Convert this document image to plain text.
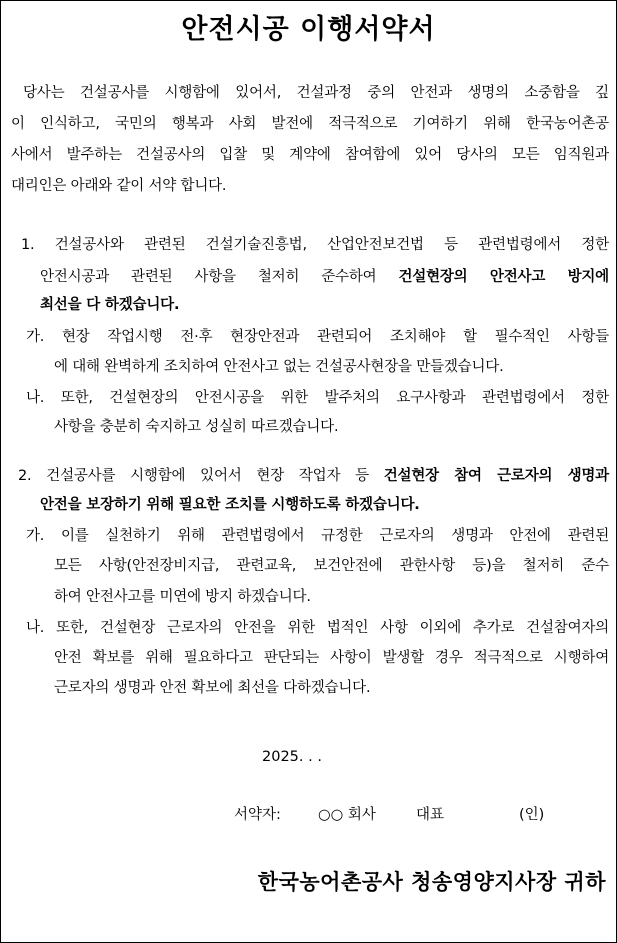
안전시공 이행서약서
당사는 건설공사를 시행함에 있어서, 건설과정 중의 안전과 생명의 소중함을 깊
이 인식하고, 국민의 행복과 사회 발전에 적극적으로 기여하기 위해 한국농어촌공
사에서 발주하는 건설공사의 입찰 및 계약에 참여함에 있어 당사의 모든 임직원과
대리인은 아래와 같이 서약 합니다.
1. 건설공사와 관련된 건설기술진흥법, 산업안전보건법 등 관련법령에서 정한
안전시공과 관련된 사항을 철저히 준수하여 건설현장의 안전사고 방지에
최선을 다 하겠습니다.
가. 현장 작업시행 전·후 현장안전과 관련되어 조치해야 할 필수적인 사항들
에 대해 완벽하게 조치하여 안전사고 없는 건설공사현장을 만들겠습니다.
나. 또한, 건설현장의 안전시공을 위한 발주처의 요구사항과 관련법령에서 정한
사항을 충분히 숙지하고 성실히 따르겠습니다.
2. 건설공사를 시행함에 있어서 현장 작업자 등 건설현장 참여 근로자의 생명과
안전을 보장하기 위해 필요한 조치를 시행하도록 하겠습니다.
가. 이를 실천하기 위해 관련법령에서 규정한 근로자의 생명과 안전에 관련된
모든 사항(안전장비지급, 관련교육, 보건안전에 관한사항 등)을 철저히 준수
하여 안전사고를 미연에 방지 하겠습니다.
나. 또한, 건설현장 근로자의 안전을 위한 법적인 사항 이외에 추가로 건설참여자의
안전 확보를 위해 필요하다고 판단되는 사항이 발생할 경우 적극적으로 시행하여
근로자의 생명과 안전 확보에 최선을 다하겠습니다.
2025. . .
서약자:	○○ 회사	대표	(인)
한국농어촌공사 청송영양지사장 귀하
